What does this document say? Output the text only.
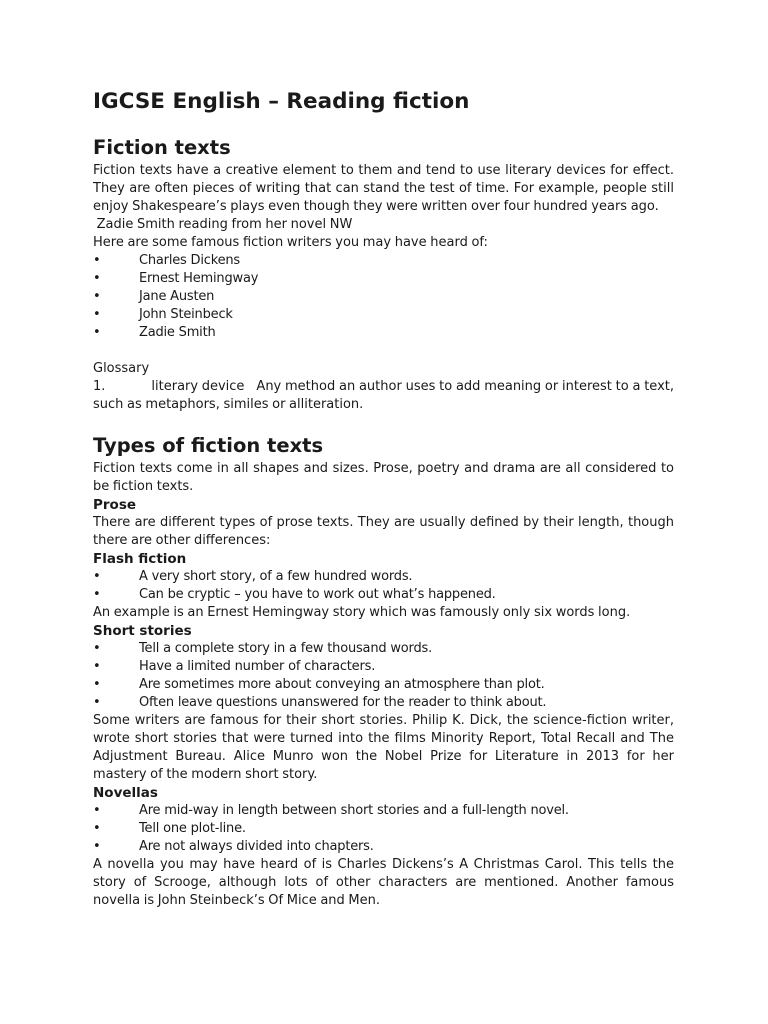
IGCSE English – Reading fiction
Fiction texts

Fiction texts have a creative element to them and tend to use literary devices for effect. They are often pieces of writing that can stand the test of time. For example, people still enjoy Shakespeare’s plays even though they were written over four hundred years ago.

Zadie Smith reading from her novel NW

Here are some famous fiction writers you may have heard of:

•	Charles Dickens
•	Ernest Hemingway
•	Jane Austen
•	John Steinbeck
•	Zadie Smith

Glossary

1.	literary device Any method an author uses to add meaning or interest to a text, such as metaphors, similes or alliteration.

Types of fiction texts

Fiction texts come in all shapes and sizes. Prose, poetry and drama are all considered to be fiction texts.

Prose

There are different types of prose texts. They are usually defined by their length, though there are other differences:

Flash fiction
•	A very short story, of a few hundred words.
•	Can be cryptic – you have to work out what’s happened.

An example is an Ernest Hemingway story which was famously only six words long.

Short stories
•	Tell a complete story in a few thousand words.
•	Have a limited number of characters.
•	Are sometimes more about conveying an atmosphere than plot.
•	Often leave questions unanswered for the reader to think about.

Some writers are famous for their short stories. Philip K. Dick, the science-fiction writer, wrote short stories that were turned into the films Minority Report, Total Recall and The Adjustment Bureau. Alice Munro won the Nobel Prize for Literature in 2013 for her mastery of the modern short story.

Novellas
•	Are mid-way in length between short stories and a full-length novel.
•	Tell one plot-line.
•	Are not always divided into chapters.

A novella you may have heard of is Charles Dickens’s A Christmas Carol. This tells the story of Scrooge, although lots of other characters are mentioned. Another famous novella is John Steinbeck’s Of Mice and Men.
